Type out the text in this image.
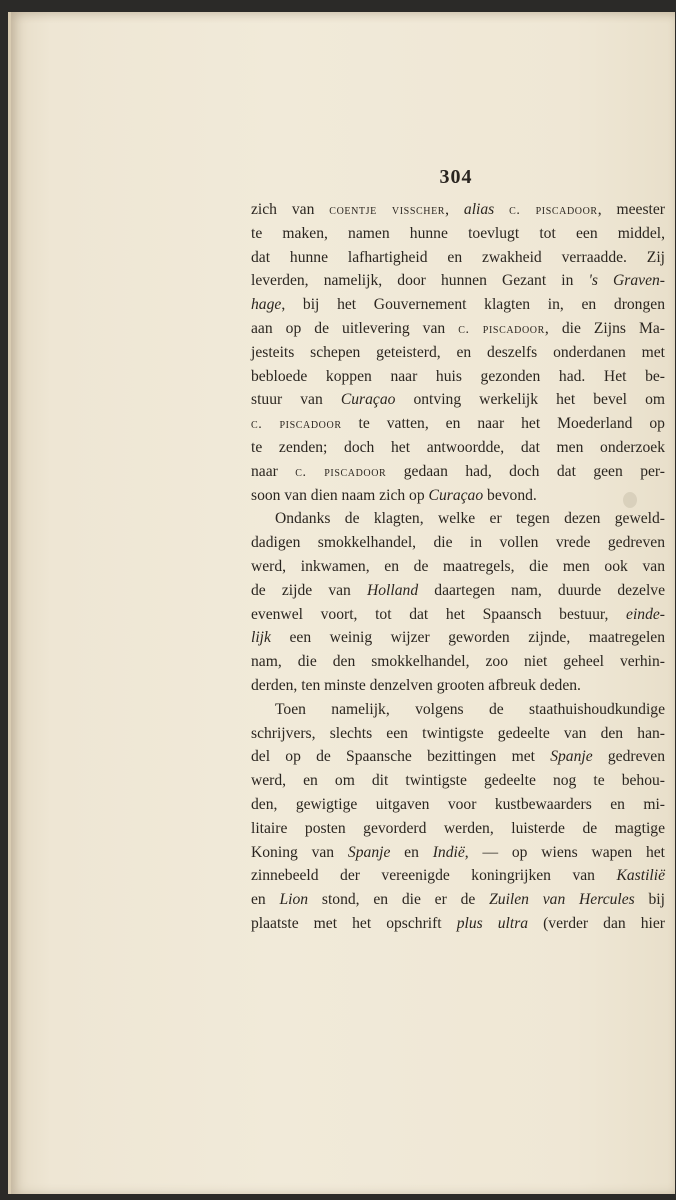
304
zich van coentje visscher, alias c. piscadoor, meester
te maken, namen hunne toevlugt tot een middel,
dat hunne lafhartigheid en zwakheid verraadde. Zij
leverden, namelijk, door hunnen Gezant in 's Graven-
hage, bij het Gouvernement klagten in, en drongen
aan op de uitlevering van c. piscadoor, die Zijns Ma-
jesteits schepen geteisterd, en deszelfs onderdanen met
bebloede koppen naar huis gezonden had. Het be-
stuur van Curaçao ontving werkelijk het bevel om
c. piscadoor te vatten, en naar het Moederland op
te zenden; doch het antwoordde, dat men onderzoek
naar c. piscadoor gedaan had, doch dat geen per-
soon van dien naam zich op Curaçao bevond.
Ondanks de klagten, welke er tegen dezen geweld-
dadigen smokkelhandel, die in vollen vrede gedreven
werd, inkwamen, en de maatregels, die men ook van
de zijde van Holland daartegen nam, duurde dezelve
evenwel voort, tot dat het Spaansch bestuur, einde-
lijk een weinig wijzer geworden zijnde, maatregelen
nam, die den smokkelhandel, zoo niet geheel verhin-
derden, ten minste denzelven grooten afbreuk deden.
Toen namelijk, volgens de staathuishoudkundige
schrijvers, slechts een twintigste gedeelte van den han-
del op de Spaansche bezittingen met Spanje gedreven
werd, en om dit twintigste gedeelte nog te behou-
den, gewigtige uitgaven voor kustbewaarders en mi-
litaire posten gevorderd werden, luisterde de magtige
Koning van Spanje en Indië, — op wiens wapen het
zinnebeeld der vereenigde koningrijken van Kastilië
en Lion stond, en die er de Zuilen van Hercules bij
plaatste met het opschrift plus ultra (verder dan hier
